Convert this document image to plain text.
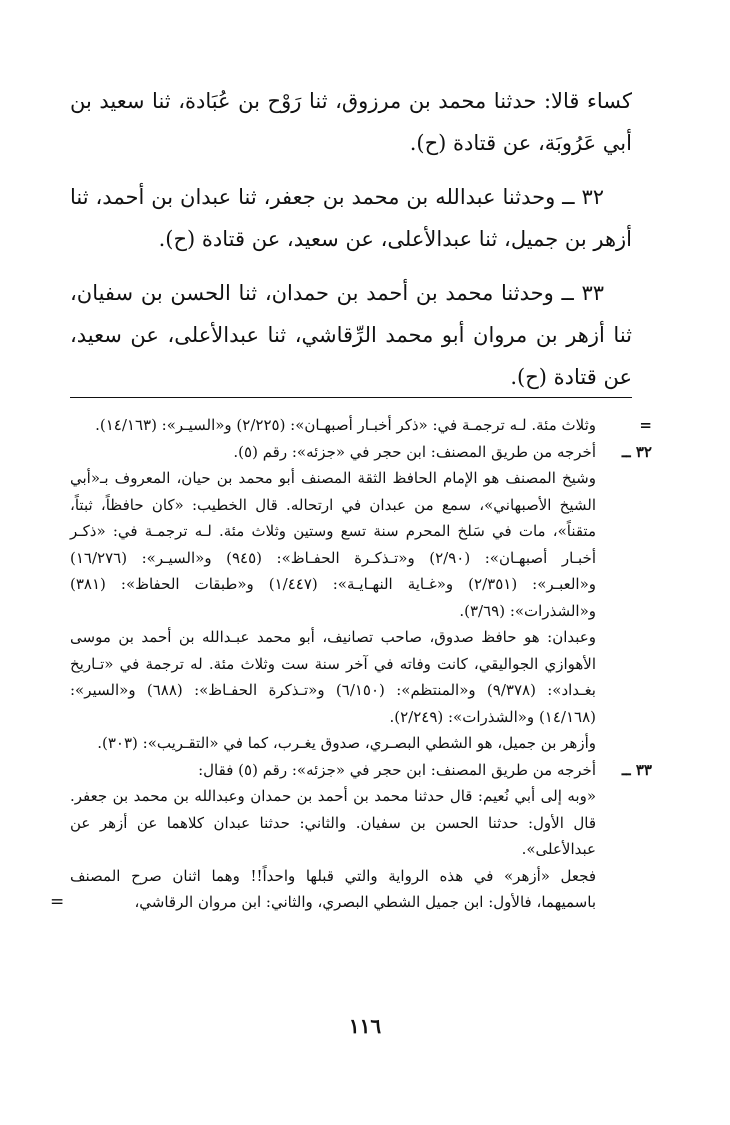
كساء قالا: حدثنا محمد بن مرزوق، ثنا رَوْح بن عُبَادة، ثنا سعيد بن أبي عَرُوبَة، عن قتادة (ح).

٣٢ ــ وحدثنا عبدالله بن محمد بن جعفر، ثنا عبدان بن أحمد، ثنا أزهر بن جميل، ثنا عبدالأعلى، عن سعيد، عن قتادة (ح).

٣٣ ــ وحدثنا محمد بن أحمد بن حمدان، ثنا الحسن بن سفيان، ثنا أزهر بن مروان أبو محمد الرِّقاشي، ثنا عبدالأعلى، عن سعيد، عن قتادة (ح).

=

وثلاث مئة. لـه ترجمـة في: «ذكر أخبـار أصبهـان»: (٢/٢٢٥) و«السيـر»: (١٤/١٦٣).

٣٢ ــ

أخرجه من طريق المصنف: ابن حجر في «جزئه»: رقم (٥).

وشيخ المصنف هو الإمام الحافظ الثقة المصنف أبو محمد بن حيان، المعروف بـ«أبي الشيخ الأصبهاني»، سمع من عبدان في ارتحاله. قال الخطيب: «كان حافظاً، ثبتاً، متقناً»، مات في سَلخ المحرم سنة تسع وستين وثلاث مئة. لـه ترجمـة في: «ذكـر أخبـار أصبهـان»: (٢/٩٠) و«تـذكـرة الحفـاظ»: (٩٤٥) و«السيـر»: (١٦/٢٧٦) و«العبـر»: (٢/٣٥١) و«غـاية النهـايـة»: (١/٤٤٧) و«طبقات الحفاظ»: (٣٨١) و«الشذرات»: (٣/٦٩).

وعبدان: هو حافظ صدوق، صاحب تصانيف، أبو محمد عبـدالله بن أحمد بن موسى الأهوازي الجواليقي، كانت وفاته في آخر سنة ست وثلاث مئة. له ترجمة في «تـاريخ بغـداد»: (٩/٣٧٨) و«المنتظم»: (٦/١٥٠) و«تـذكرة الحفـاظ»: (٦٨٨) و«السير»: (١٤/١٦٨) و«الشذرات»: (٢/٢٤٩).

وأزهر بن جميل، هو الشطي البصـري، صدوق يغـرب، كما في «التقـريب»: (٣٠٣).

٣٣ ــ

أخرجه من طريق المصنف: ابن حجر في «جزئه»: رقم (٥) فقال:

«وبه إلى أبي نُعيم: قال حدثنا محمد بن أحمد بن حمدان وعبدالله بن محمد بن جعفر. قال الأول: حدثنا الحسن بن سفيان. والثاني: حدثنا عبدان كلاهما عن أزهر عن عبدالأعلى».

فجعل «أزهر» في هذه الرواية والتي قبلها واحداً!! وهما اثنان صرح المصنف باسميهما، فالأول: ابن جميل الشطي البصري، والثاني: ابن مروان الرقاشي،

=
١١٦
